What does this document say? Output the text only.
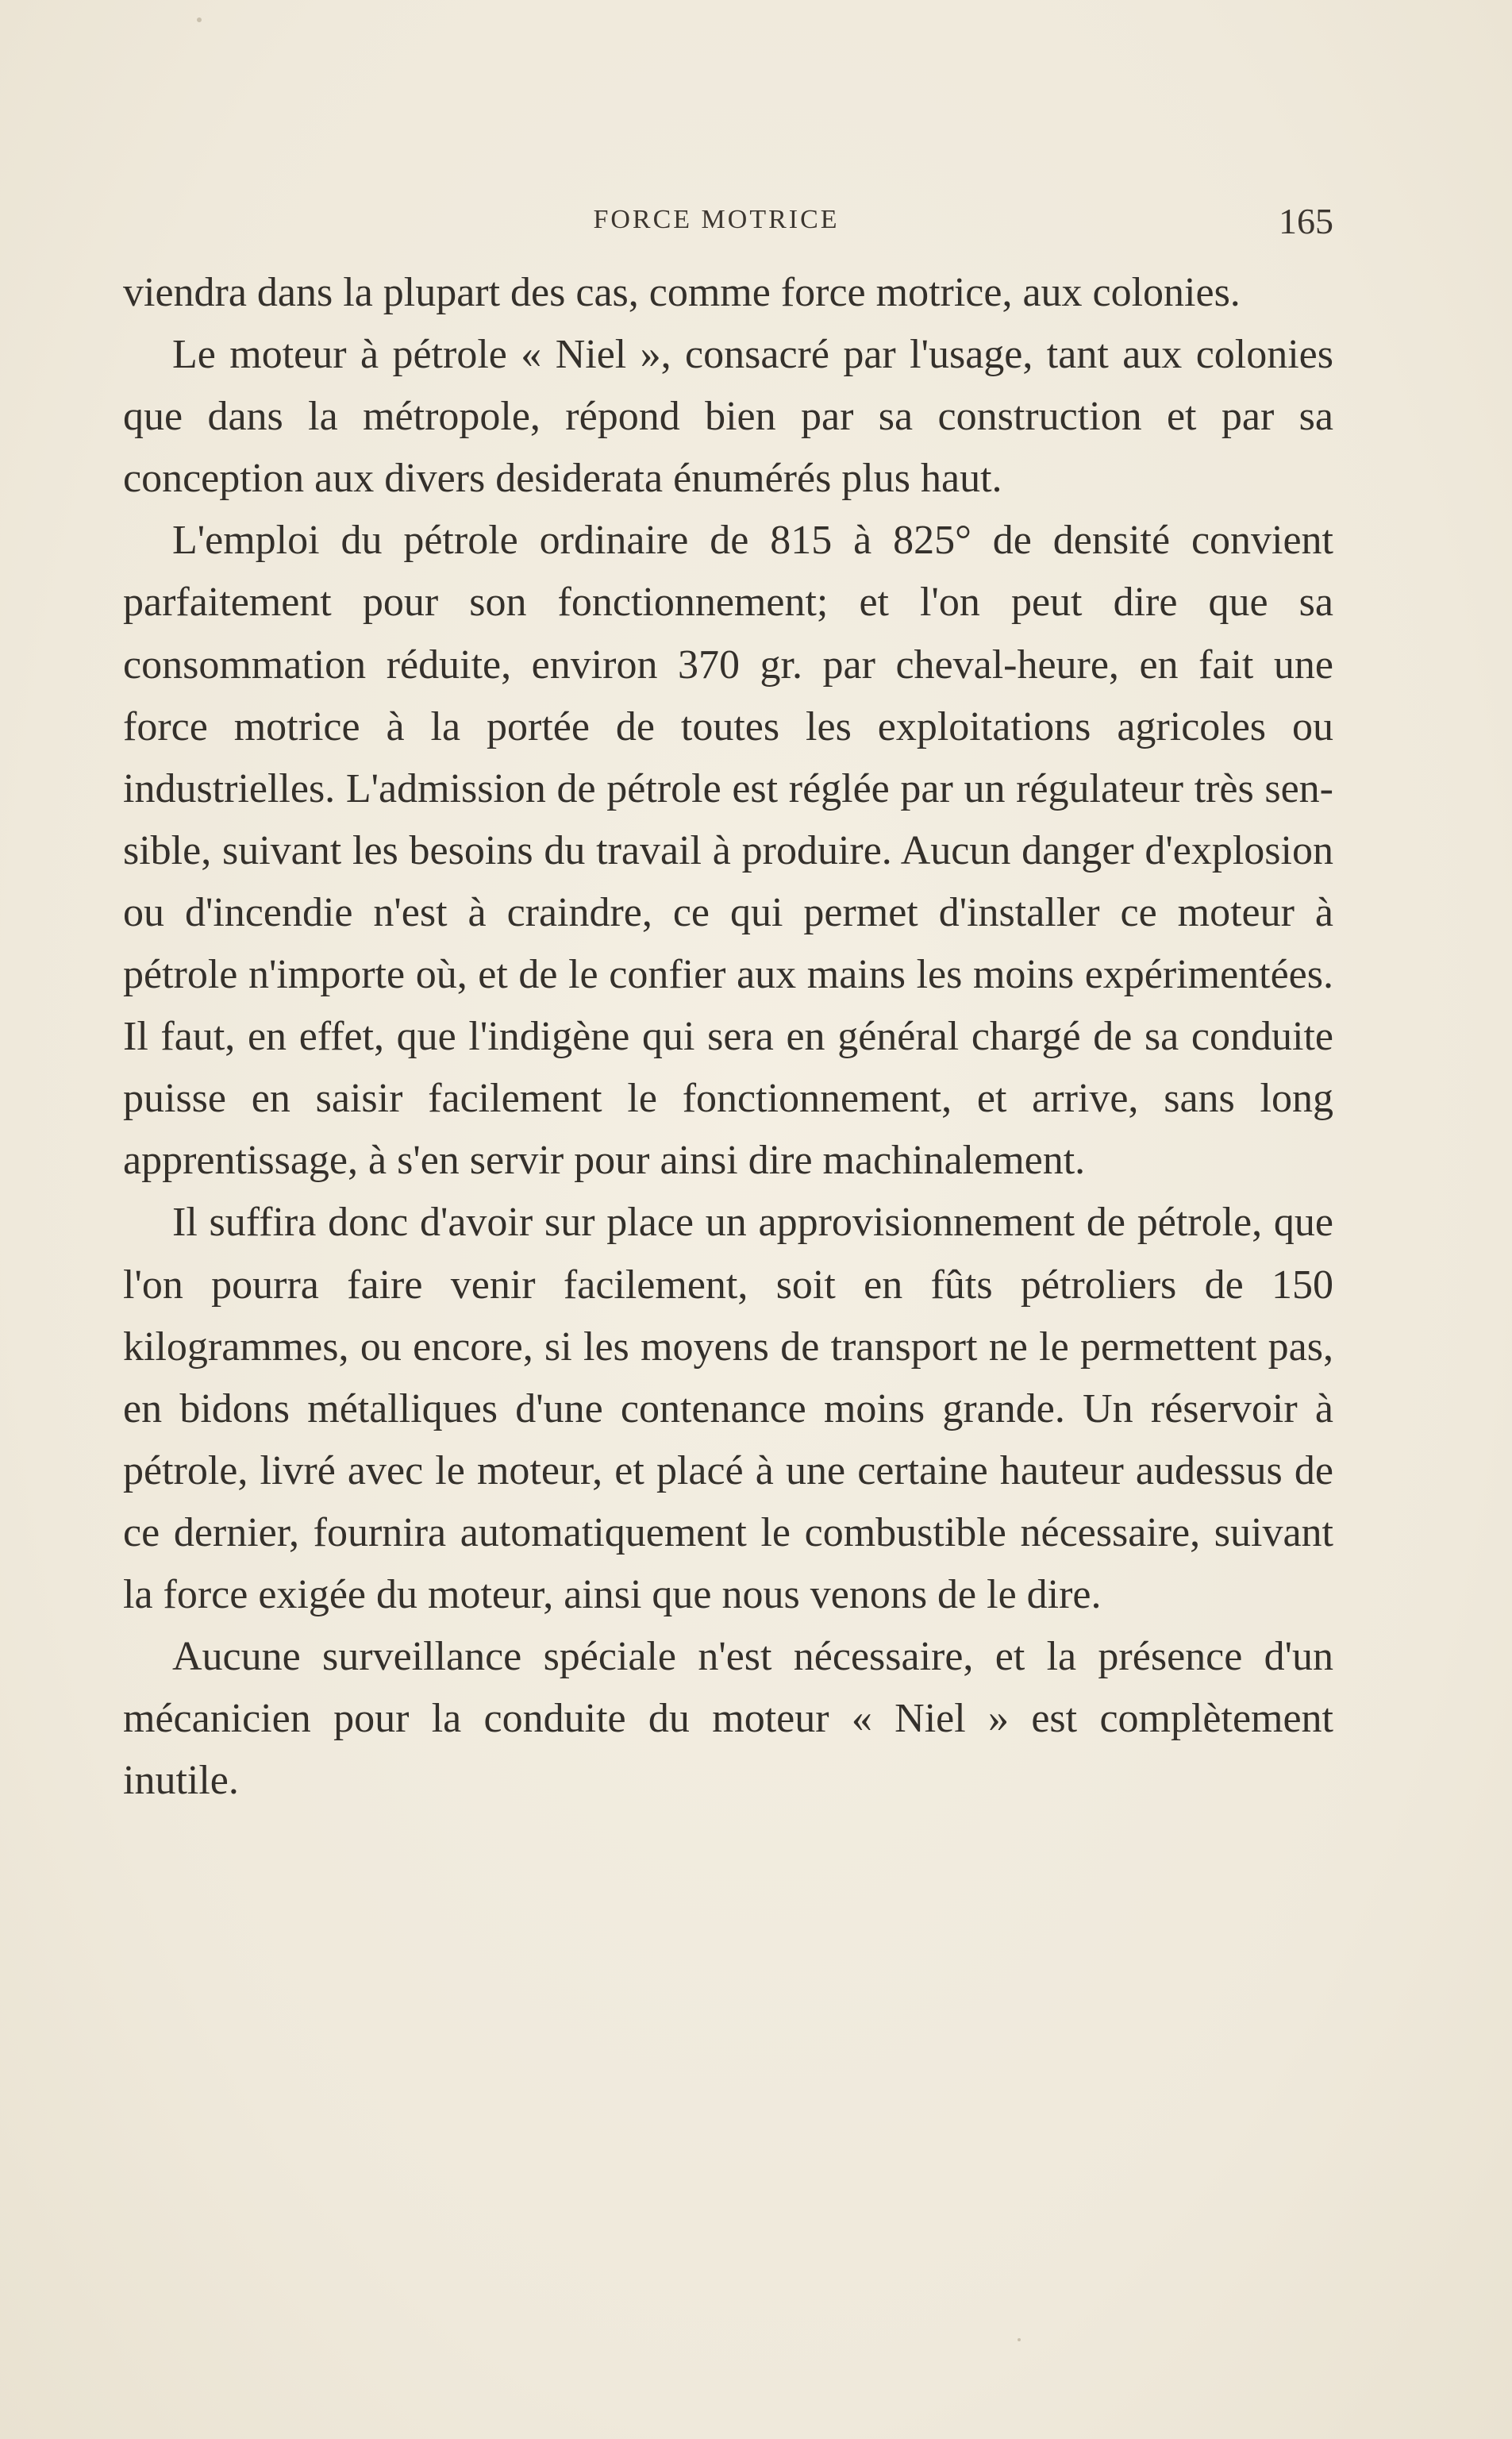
FORCE MOTRICE	165

viendra dans la plupart des cas, comme force motrice, aux colonies.

Le moteur à pétrole « Niel », consacré par l'usage, tant aux colonies que dans la métropole, répond bien par sa construction et par sa conception aux divers desiderata énumérés plus haut.

L'emploi du pétrole ordinaire de 815 à 825° de densité convient parfaitement pour son fonctionnement; et l'on peut dire que sa consommation réduite, environ 370 gr. par cheval-heure, en fait une force motrice à la portée de toutes les exploitations agricoles ou industrielles. L'admission de pétrole est réglée par un régulateur très sensible, suivant les besoins du travail à produire. Aucun danger d'explosion ou d'incendie n'est à craindre, ce qui permet d'installer ce moteur à pétrole n'importe où, et de le confier aux mains les moins expérimentées. Il faut, en effet, que l'indigène qui sera en général chargé de sa conduite puisse en saisir facilement le fonctionnement, et arrive, sans long apprentissage, à s'en servir pour ainsi dire machinalement.

Il suffira donc d'avoir sur place un approvisionnement de pétrole, que l'on pourra faire venir facilement, soit en fûts pétroliers de 150 kilogrammes, ou encore, si les moyens de transport ne le permettent pas, en bidons métalliques d'une contenance moins grande. Un réservoir à pétrole, livré avec le moteur, et placé à une certaine hauteur audessus de ce dernier, fournira automatiquement le combustible nécessaire, suivant la force exigée du moteur, ainsi que nous venons de le dire.

Aucune surveillance spéciale n'est nécessaire, et la présence d'un mécanicien pour la conduite du moteur « Niel » est complètement inutile.
